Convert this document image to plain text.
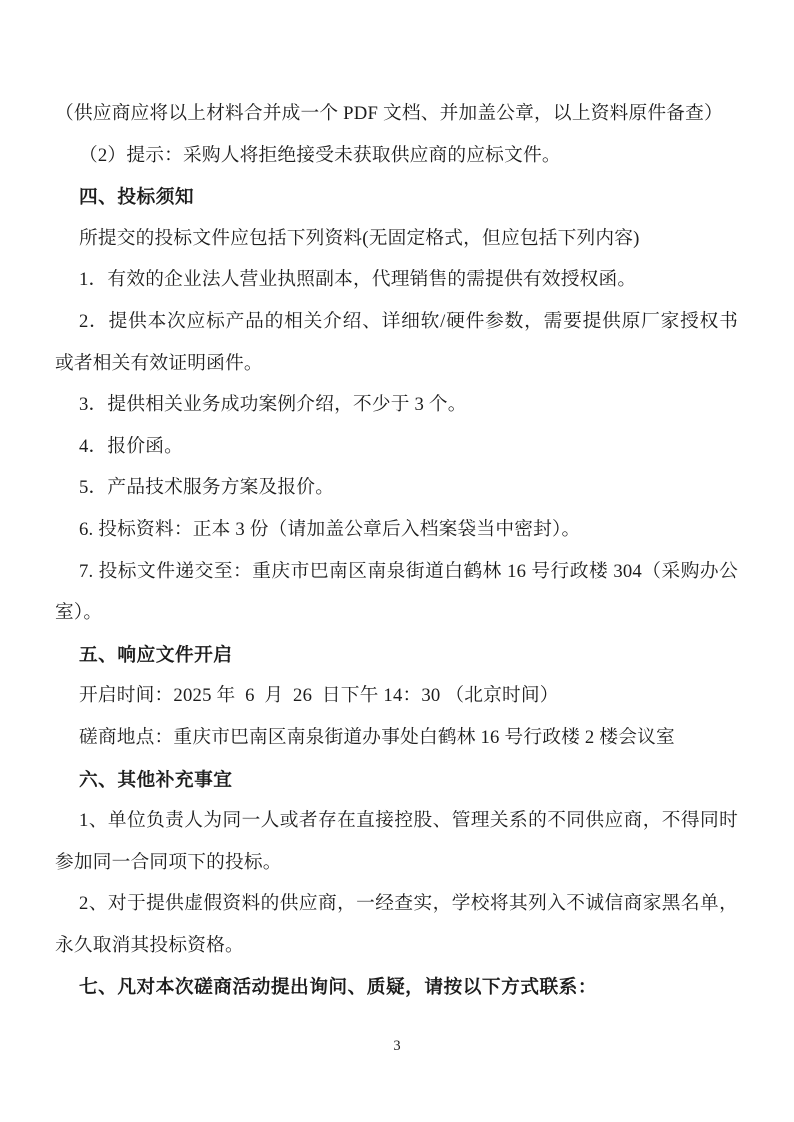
（供应商应将以上材料合并成一个 PDF 文档、并加盖公章，以上资料原件备查）
（2）提示：采购人将拒绝接受未获取供应商的应标文件。
四、投标须知
所提交的投标文件应包括下列资料(无固定格式，但应包括下列内容)
1．有效的企业法人营业执照副本，代理销售的需提供有效授权函。
2．提供本次应标产品的相关介绍、详细软/硬件参数，需要提供原厂家授权书
或者相关有效证明函件。
3．提供相关业务成功案例介绍，不少于 3 个。
4．报价函。
5．产品技术服务方案及报价。
6. 投标资料：正本 3 份（请加盖公章后入档案袋当中密封）。
7. 投标文件递交至：重庆市巴南区南泉街道白鹤林 16 号行政楼 304（采购办公
室）。
五、响应文件开启
开启时间：2025 年  6  月  26  日下午 14：30 （北京时间）
磋商地点：重庆市巴南区南泉街道办事处白鹤林 16 号行政楼 2 楼会议室
六、其他补充事宜
1、单位负责人为同一人或者存在直接控股、管理关系的不同供应商，不得同时
参加同一合同项下的投标。
2、对于提供虚假资料的供应商，一经查实，学校将其列入不诚信商家黑名单，
永久取消其投标资格。
七、凡对本次磋商活动提出询问、质疑，请按以下方式联系：
3
